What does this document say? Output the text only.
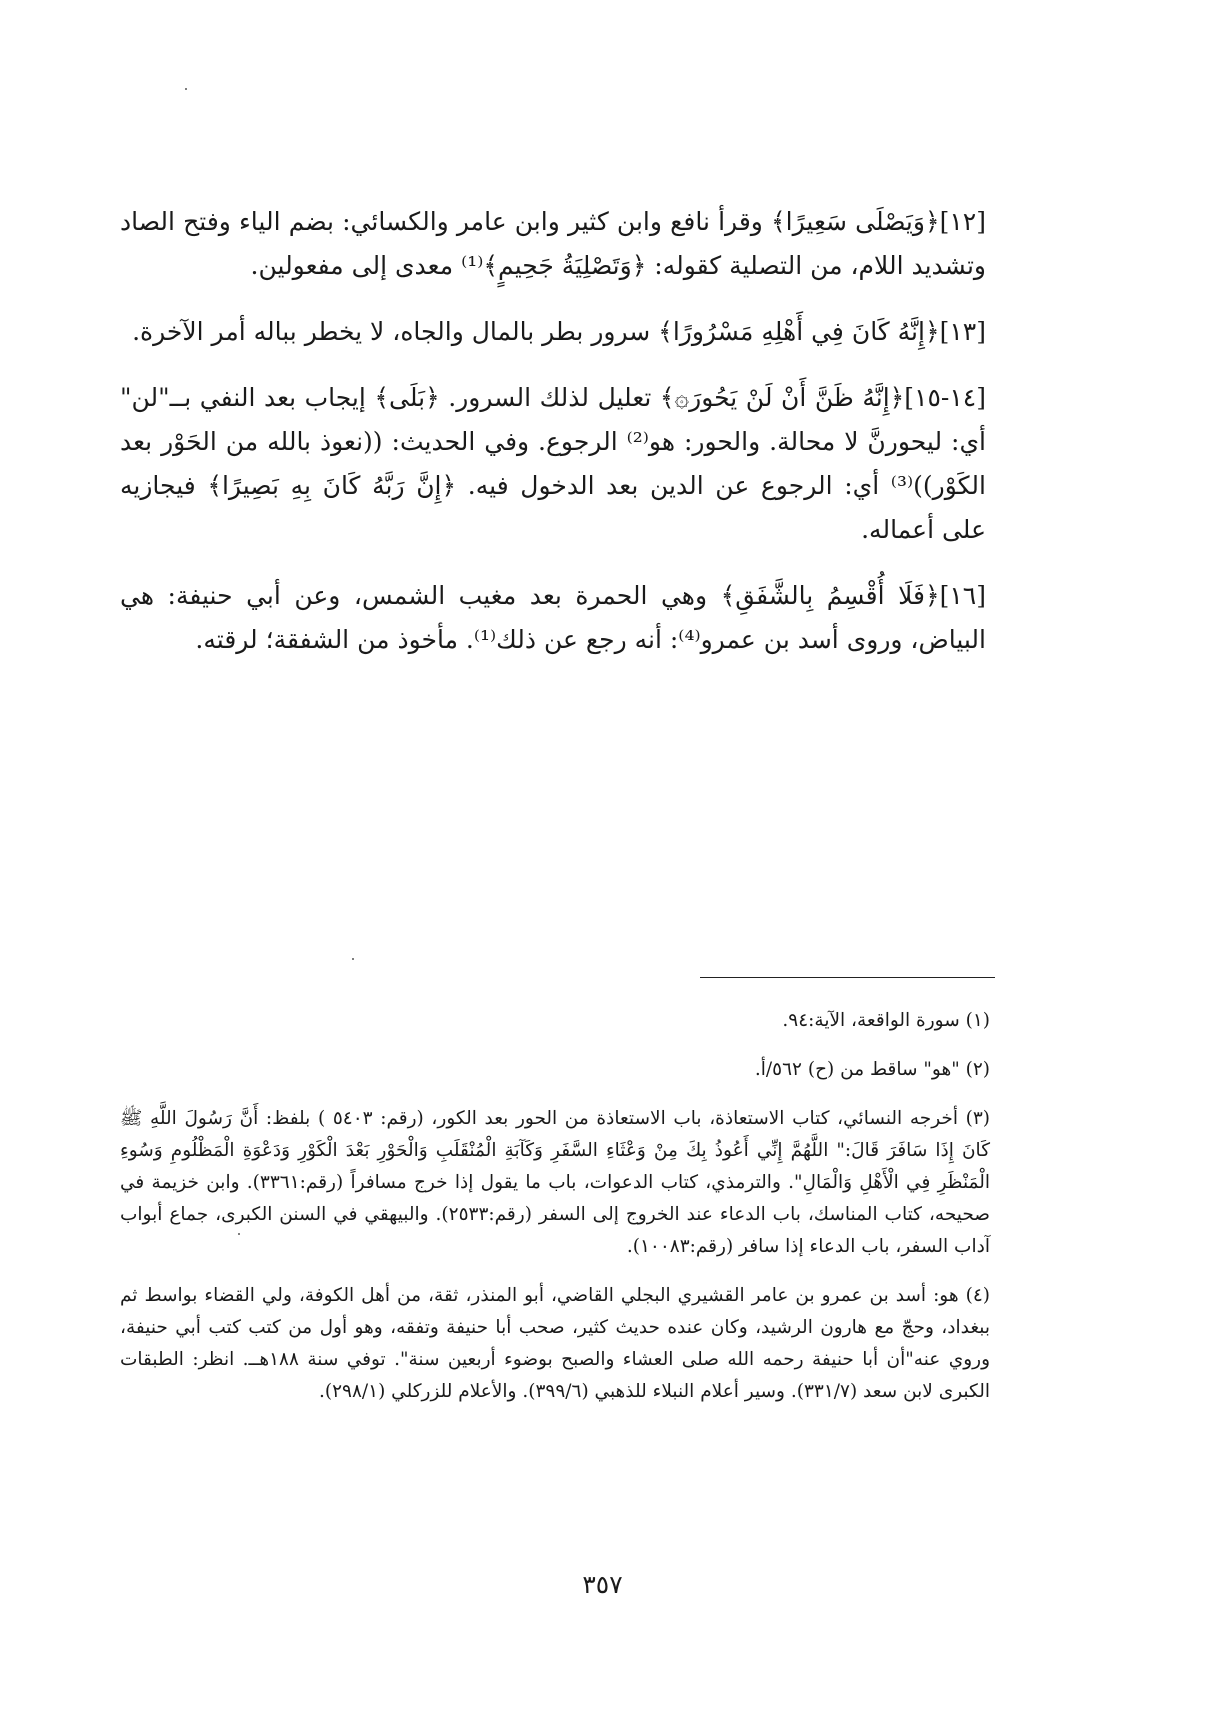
[١٢]﴿وَيَصْلَى سَعِيرًا﴾ وقرأ نافع وابن كثير وابن عامر والكسائي: بضم الياء وفتح الصاد وتشديد اللام، من التصلية كقوله: ﴿وَتَصْلِيَةُ جَحِيمٍ﴾⁽¹⁾ معدى إلى مفعولين.

[١٣]﴿إِنَّهُ كَانَ فِي أَهْلِهِ مَسْرُورًا﴾ سرور بطر بالمال والجاه، لا يخطر بباله أمر الآخرة.

[١٤-١٥]﴿إِنَّهُ ظَنَّ أَنْ لَنْ يَحُورَ۞﴾ تعليل لذلك السرور. ﴿بَلَى﴾ إيجاب بعد النفي بــ"لن" أي: ليحورنَّ لا محالة. والحور: هو⁽²⁾ الرجوع. وفي الحديث: ((نعوذ بالله من الحَوْر بعد الكَوْر))⁽³⁾ أي: الرجوع عن الدين بعد الدخول فيه. ﴿إِنَّ رَبَّهُ كَانَ بِهِ بَصِيرًا﴾ فيجازيه على أعماله.

[١٦]﴿فَلَا أُقْسِمُ بِالشَّفَقِ﴾ وهي الحمرة بعد مغيب الشمس، وعن أبي حنيفة: هي البياض، وروى أسد بن عمرو⁽⁴⁾: أنه رجع عن ذلك⁽¹⁾. مأخوذ من الشفقة؛ لرقته.

(١) سورة الواقعة، الآية:٩٤.

(٢) "هو" ساقط من (ح) ٥٦٢/أ.

(٣) أخرجه النسائي، كتاب الاستعاذة، باب الاستعاذة من الحور بعد الكور، (رقم: ٥٤٠٣ ) بلفظ: أَنَّ رَسُولَ اللَّهِ ﷺ كَانَ إِذَا سَافَرَ قَالَ:" اللَّهُمَّ إِنِّي أَعُوذُ بِكَ مِنْ وَعْثَاءِ السَّفَرِ وَكَآبَةِ الْمُنْقَلَبِ وَالْحَوْرِ بَعْدَ الْكَوْرِ وَدَعْوَةِ الْمَظْلُومِ وَسُوءِ الْمَنْظَرِ فِي الْأَهْلِ وَالْمَالِ". والترمذي، كتاب الدعوات، باب ما يقول إذا خرج مسافراً (رقم:٣٣٦١). وابن خزيمة في صحيحه، كتاب المناسك، باب الدعاء عند الخروج إلى السفر (رقم:٢٥٣٣). والبيهقي في السنن الكبرى، جماع أبواب آداب السفر، باب الدعاء إذا سافر (رقم:١٠٠٨٣).

(٤) هو: أسد بن عمرو بن عامر القشيري البجلي القاضي، أبو المنذر، ثقة، من أهل الكوفة، ولي القضاء بواسط ثم ببغداد، وحجّ مع هارون الرشيد، وكان عنده حديث كثير، صحب أبا حنيفة وتفقه، وهو أول من كتب كتب أبي حنيفة، وروي عنه"أن أبا حنيفة رحمه الله صلى العشاء والصبح بوضوء أربعين سنة". توفي سنة ١٨٨هــ. انظر: الطبقات الكبرى لابن سعد (٣٣١/٧). وسير أعلام النبلاء للذهبي (٣٩٩/٦). والأعلام للزركلي (٢٩٨/١).

٣٥٧
